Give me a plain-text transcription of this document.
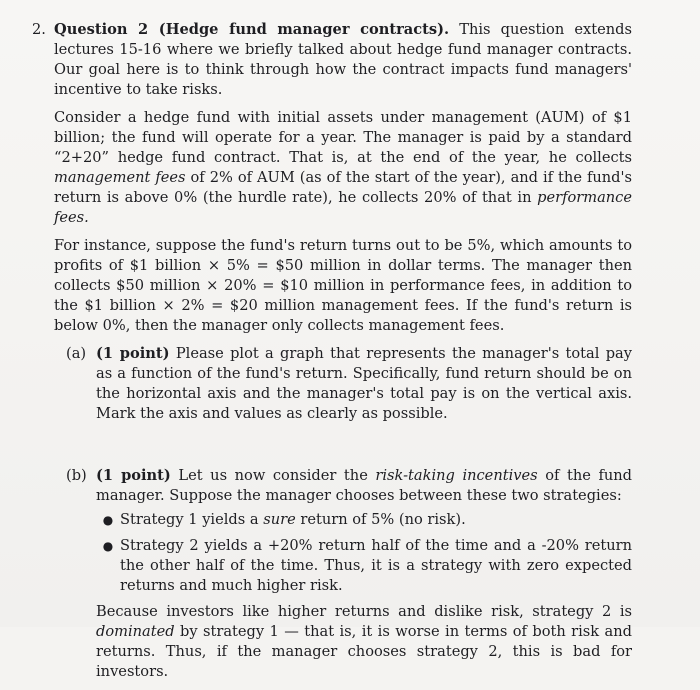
2. Question 2 (Hedge fund manager contracts). This question extends lectures 15-16 where we briefly talked about hedge fund manager contracts. Our goal here is to think through how the contract impacts fund managers' incentive to take risks.

Consider a hedge fund with initial assets under management (AUM) of $1 billion; the fund will operate for a year. The manager is paid by a standard “2+20” hedge fund contract. That is, at the end of the year, he collects management fees of 2% of AUM (as of the start of the year), and if the fund's return is above 0% (the hurdle rate), he collects 20% of that in performance fees.

For instance, suppose the fund's return turns out to be 5%, which amounts to profits of $1 billion × 5% = $50 million in dollar terms. The manager then collects $50 million × 20% = $10 million in performance fees, in addition to the $1 billion × 2% = $20 million management fees. If the fund's return is below 0%, then the manager only collects management fees.

(a) (1 point) Please plot a graph that represents the manager's total pay as a function of the fund's return. Specifically, fund return should be on the horizontal axis and the manager's total pay is on the vertical axis. Mark the axis and values as clearly as possible.

(b) (1 point) Let us now consider the risk-taking incentives of the fund manager. Suppose the manager chooses between these two strategies:

● Strategy 1 yields a sure return of 5% (no risk).
● Strategy 2 yields a +20% return half of the time and a -20% return the other half of the time. Thus, it is a strategy with zero expected returns and much higher risk.

Because investors like higher returns and dislike risk, strategy 2 is dominated by strategy 1 — that is, it is worse in terms of both risk and returns. Thus, if the manager chooses strategy 2, this is bad for investors.
